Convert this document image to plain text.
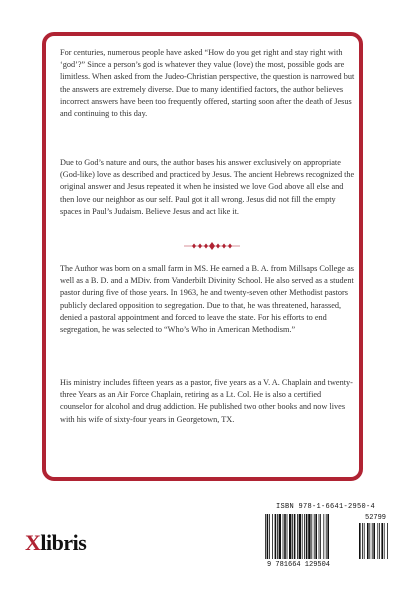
For centuries, numerous people have asked “How do you get right and stay right with ‘god’?” Since a person’s god is whatever they value (love) the most, possible gods are limitless. When asked from the Judeo-Christian perspective, the question is narrowed but the answers are extremely diverse. Due to many identified factors, the author believes incorrect answers have been too frequently offered, starting soon after the death of Jesus and continuing to this day.

Due to God’s nature and ours, the author bases his answer exclusively on appropriate (God-like) love as described and practiced by Jesus. The ancient Hebrews recognized the original answer and Jesus repeated it when he insisted we love God above all else and then love our neighbor as our self. Paul got it all wrong. Jesus did not fill the empty spaces in Paul’s Judaism. Believe Jesus and act like it.

The Author was born on a small farm in MS. He earned a B. A. from Millsaps College as well as a B. D. and a MDiv. from Vanderbilt Divinity School. He also served as a student pastor during five of those years. In 1963, he and twenty-seven other Methodist pastors publicly declared opposition to segregation. Due to that, he was threatened, harassed, denied a pastoral appointment and forced to leave the state. For his efforts to end segregation, he was selected to “Who’s Who in American Methodism.”

His ministry includes fifteen years as a pastor, five years as a V. A. Chaplain and twenty- three Years as an Air Force Chaplain, retiring as a Lt. Col. He is also a certified counselor for alcohol and drug addiction. He published two other books and now lives with his wife of sixty-four years in Georgetown, TX.

Xlibris
ISBN 978-1-6641-2950-4
9 781664 129504
52799
